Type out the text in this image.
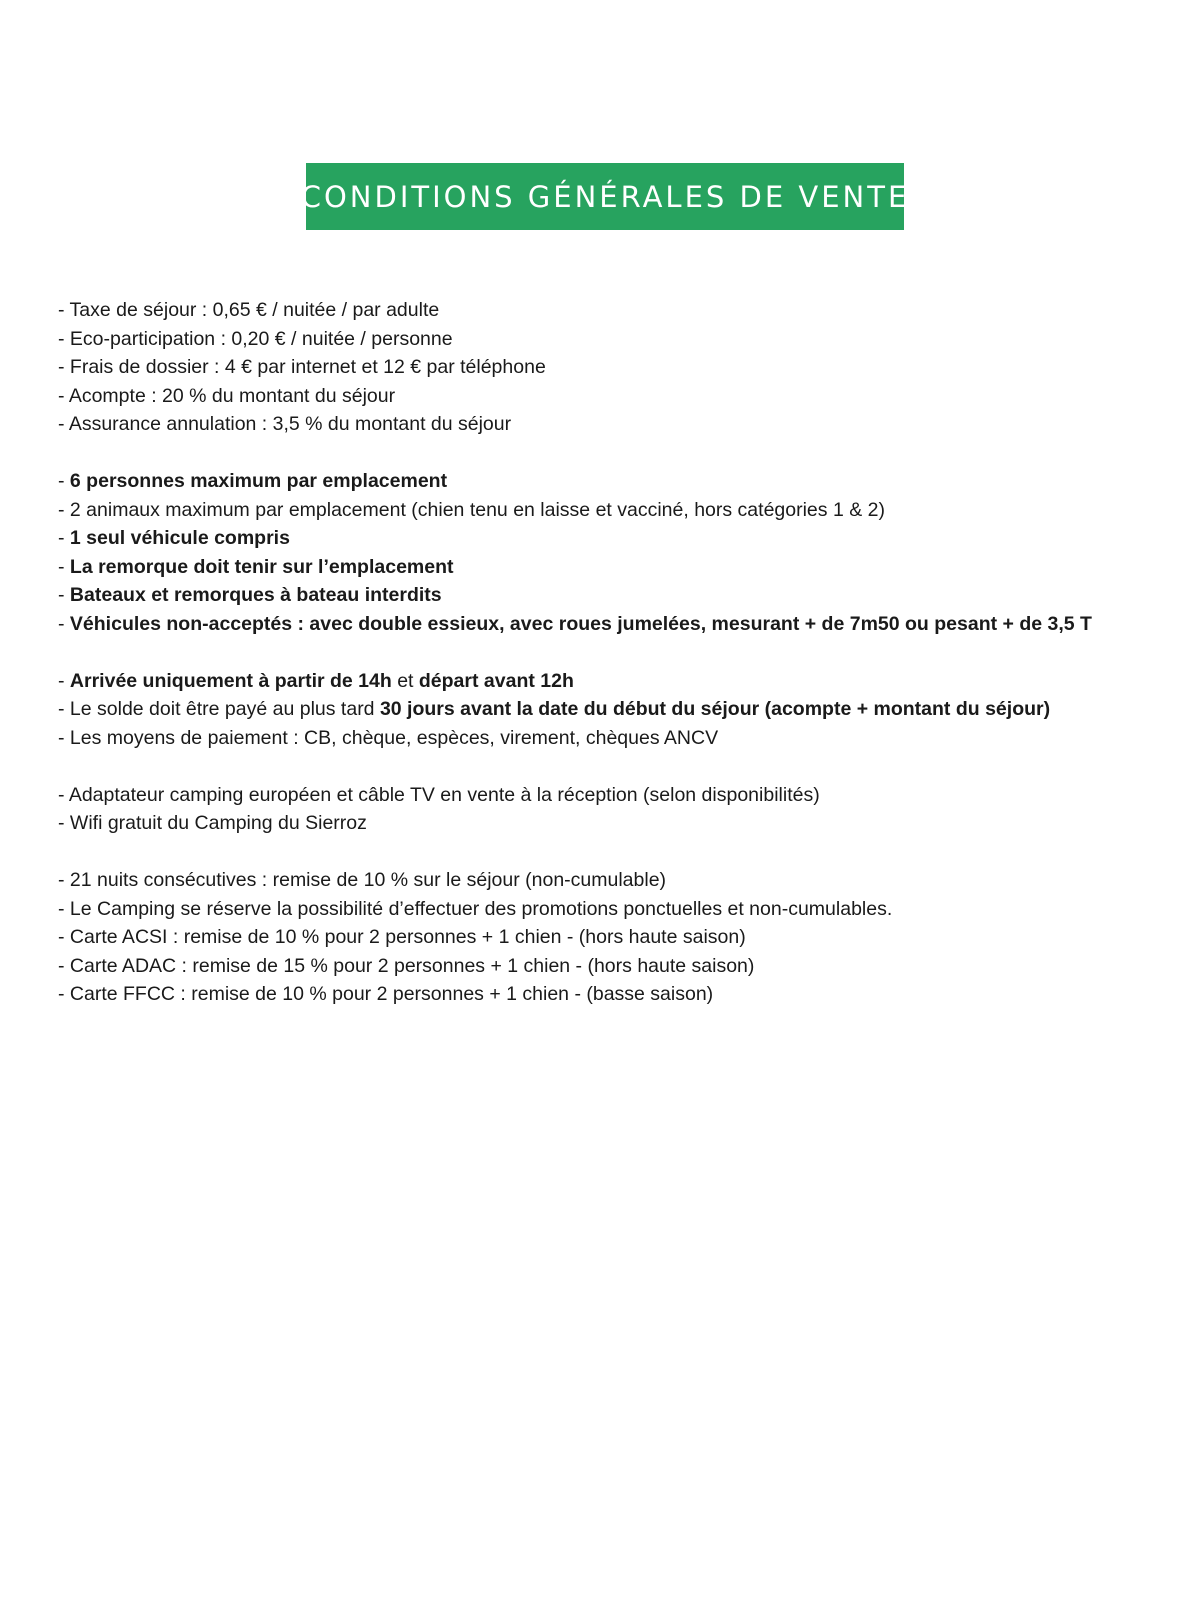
CONDITIONS GÉNÉRALES DE VENTE
- Taxe de séjour : 0,65 € / nuitée / par adulte
- Eco-participation : 0,20 € / nuitée / personne
- Frais de dossier : 4 € par internet et 12 € par téléphone
- Acompte : 20 % du montant du séjour
- Assurance annulation : 3,5 % du montant du séjour
- 6 personnes maximum par emplacement
- 2 animaux maximum par emplacement (chien tenu en laisse et vacciné, hors catégories 1 & 2)
- 1 seul véhicule compris
- La remorque doit tenir sur l’emplacement
- Bateaux et remorques à bateau interdits
- Véhicules non-acceptés : avec double essieux, avec roues jumelées, mesurant + de 7m50 ou pesant + de 3,5 T
- Arrivée uniquement à partir de 14h et départ avant 12h
- Le solde doit être payé au plus tard 30 jours avant la date du début du séjour (acompte + montant du séjour)
- Les moyens de paiement : CB, chèque, espèces, virement, chèques ANCV
- Adaptateur camping européen et câble TV en vente à la réception (selon disponibilités)
- Wifi gratuit du Camping du Sierroz
- 21 nuits consécutives : remise de 10 % sur le séjour (non-cumulable)
- Le Camping se réserve la possibilité d’effectuer des promotions ponctuelles et non-cumulables.
- Carte ACSI : remise de 10 % pour 2 personnes + 1 chien - (hors haute saison)
- Carte ADAC : remise de 15 % pour 2 personnes + 1 chien - (hors haute saison)
- Carte FFCC : remise de 10 % pour 2 personnes + 1 chien - (basse saison)
